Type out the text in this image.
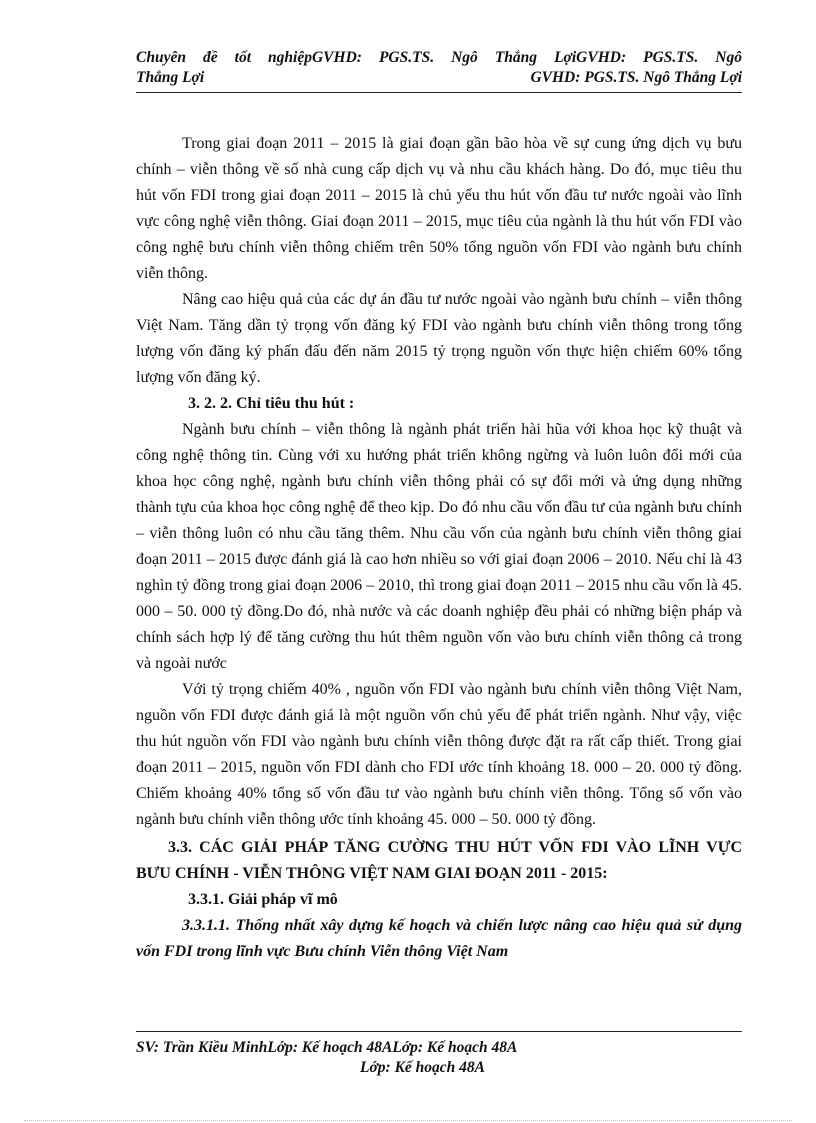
Chuyên đề tốt nghiệpGVHD: PGS.TS. Ngô Thắng LợiGVHD: PGS.TS. Ngô
Thắng Lợi	GVHD: PGS.TS. Ngô Thắng Lợi

Trong giai đoạn 2011 – 2015 là giai đoạn gần bão hòa về sự cung ứng dịch vụ bưu chính – viễn thông về số nhà cung cấp dịch vụ và nhu cầu khách hàng. Do đó, mục tiêu thu hút vốn FDI trong giai đoạn 2011 – 2015 là chủ yếu thu hút vốn đầu tư nước ngoài vào lĩnh vực công nghệ viễn thông. Giai đoạn 2011 – 2015, mục tiêu của ngành là thu hút vốn FDI vào công nghệ bưu chính viễn thông chiếm trên 50% tổng nguồn vốn FDI vào ngành bưu chính viễn thông.

Nâng cao hiệu quả của các dự án đầu tư nước ngoài vào ngành bưu chính – viễn thông Việt Nam. Tăng dần tỷ trọng vốn đăng ký FDI vào ngành bưu chính viễn thông trong tổng lượng vốn đăng ký phấn đấu đến năm 2015 tỷ trọng nguồn vốn thực hiện chiếm 60% tổng lượng vốn đăng ký.

3. 2. 2. Chỉ tiêu thu hút :

Ngành bưu chính – viễn thông là ngành phát triển hài hũa với khoa học kỹ thuật và công nghệ thông tin. Cùng với xu hướng phát triển không ngừng và luôn luôn đổi mới của khoa học công nghệ, ngành bưu chính viễn thông phải có sự đổi mới và ứng dụng những thành tựu của khoa học công nghệ để theo kịp. Do đó nhu cầu vốn đầu tư của ngành bưu chính – viễn thông luôn có nhu cầu tăng thêm. Nhu cầu vốn của ngành bưu chính viễn thông giai đoạn 2011 – 2015 được đánh giá là cao hơn nhiều so với giai đoạn 2006 – 2010. Nếu chỉ là 43 nghìn tỷ đồng trong giai đoạn 2006 – 2010, thì trong giai đoạn 2011 – 2015 nhu cầu vốn là 45. 000 – 50. 000 tỷ đồng.Do đó, nhà nước và các doanh nghiệp đều phải có những biện pháp và chính sách hợp lý để tăng cường thu hút thêm nguồn vốn vào bưu chính viễn thông cả trong và ngoài nước

Với tỷ trọng chiếm 40% , nguồn vốn FDI vào ngành bưu chính viễn thông Việt Nam, nguồn vốn FDI được đánh giá là một nguồn vốn chủ yếu để phát triển ngành. Như vậy, việc thu hút nguồn vốn FDI vào ngành bưu chính viễn thông được đặt ra rất cấp thiết. Trong giai đoạn 2011 – 2015, nguồn vốn FDI dành cho FDI ước tính khoảng 18. 000 – 20. 000 tỷ đồng. Chiếm khoảng 40% tổng số vốn đầu tư vào ngành bưu chính viễn thông. Tổng số vốn vào ngành bưu chính viễn thông ước tính khoảng 45. 000 – 50. 000 tỷ đồng.

3.3. CÁC GIẢI PHÁP TĂNG CƯỜNG THU HÚT VỐN FDI VÀO LĨNH VỰC BƯU CHÍNH - VIỄN THÔNG VIỆT NAM GIAI ĐOẠN 2011 - 2015:

3.3.1. Giải pháp vĩ mô

3.3.1.1. Thống nhất xây dựng kế hoạch và chiến lược nâng cao hiệu quả sử dụng vốn FDI trong lĩnh vực Bưu chính Viễn thông Việt Nam

SV: Trần Kiều MinhLớp: Kế hoạch 48ALớp: Kế hoạch 48A
Lớp: Kế hoạch 48A
